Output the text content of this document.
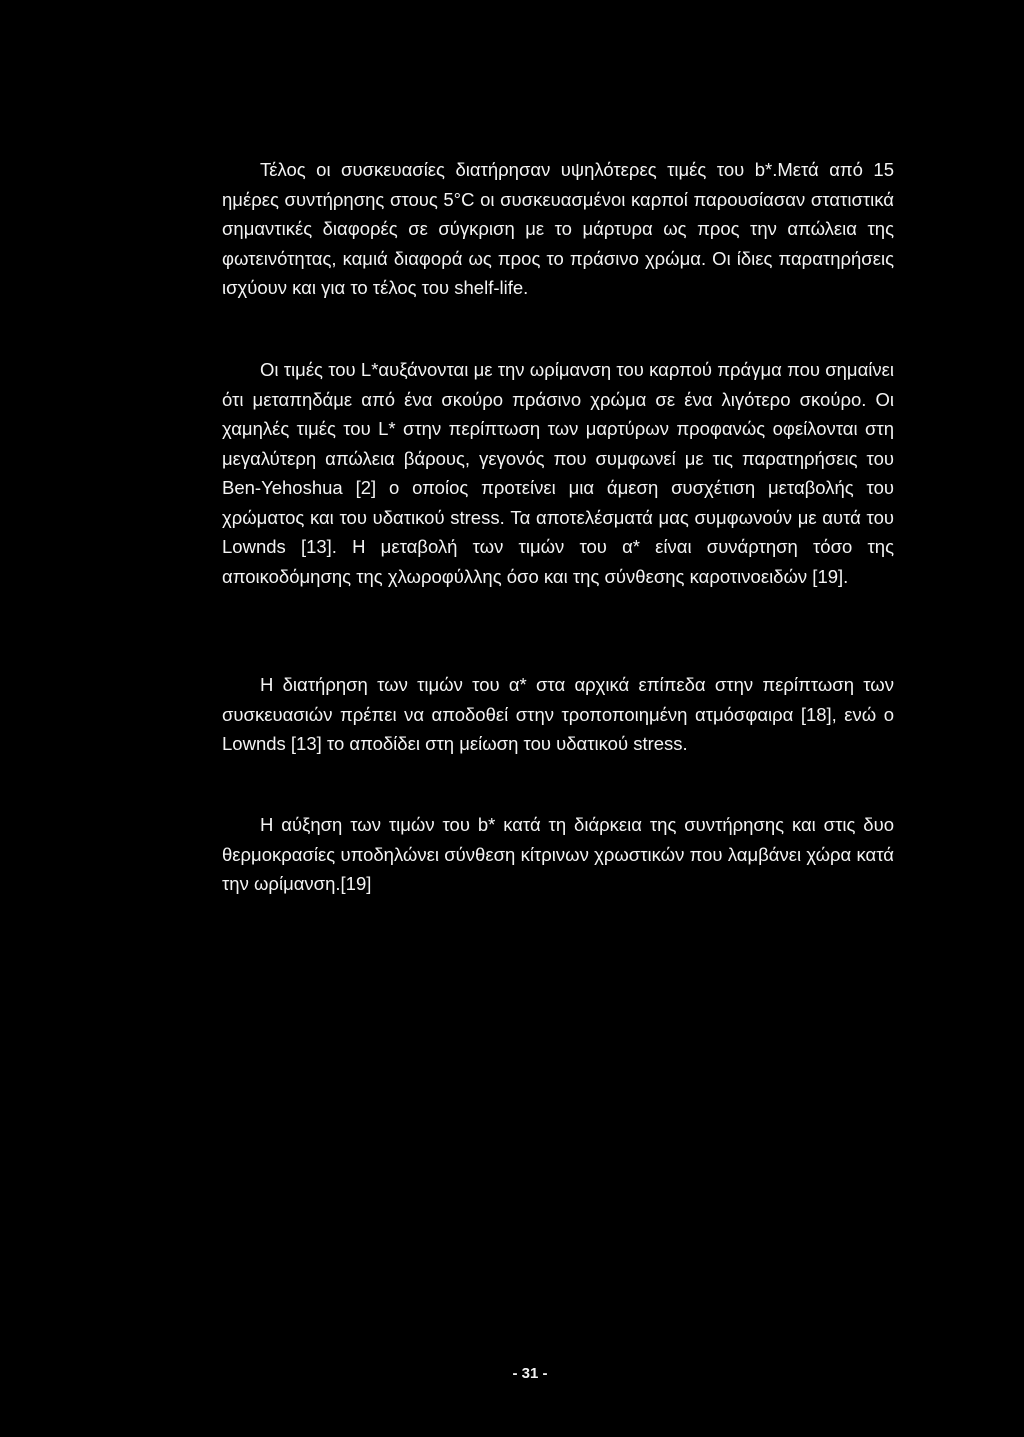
Τέλος οι συσκευασίες διατήρησαν υψηλότερες τιμές του b*.Μετά από 15 ημέρες συντήρησης στους 5°C οι συσκευασμένοι καρποί παρουσίασαν στατιστικά σημαντικές διαφορές σε σύγκριση με το μάρτυρα ως προς την απώλεια της φωτεινότητας, καμιά διαφορά ως προς το πράσινο χρώμα. Οι ίδιες παρατηρήσεις ισχύουν και για το τέλος του shelf-life.

Οι τιμές του L*αυξάνονται με την ωρίμανση του καρπού πράγμα που σημαίνει ότι μεταπηδάμε από ένα σκούρο πράσινο χρώμα σε ένα λιγότερο σκούρο. Οι χαμηλές τιμές του L* στην περίπτωση των μαρτύρων προφανώς οφείλονται στη μεγαλύτερη απώλεια βάρους, γεγονός που συμφωνεί με τις παρατηρήσεις του Ben-Yehoshua [2] ο οποίος προτείνει μια άμεση συσχέτιση μεταβολής του χρώματος και του υδατικού stress. Τα αποτελέσματά μας συμφωνούν με αυτά του Lownds [13]. Η μεταβολή των τιμών του α* είναι συνάρτηση τόσο της αποικοδόμησης της χλωροφύλλης όσο και της σύνθεσης καροτινοειδών [19].

Η διατήρηση των τιμών του α* στα αρχικά επίπεδα στην περίπτωση των συσκευασιών πρέπει να αποδοθεί στην τροποποιημένη ατμόσφαιρα [18], ενώ ο Lownds [13] το αποδίδει στη μείωση του υδατικού stress.

Η αύξηση των τιμών του b* κατά τη διάρκεια της συντήρησης και στις δυο θερμοκρασίες υποδηλώνει σύνθεση κίτρινων χρωστικών που λαμβάνει χώρα κατά την ωρίμανση.[19]

- 31 -
